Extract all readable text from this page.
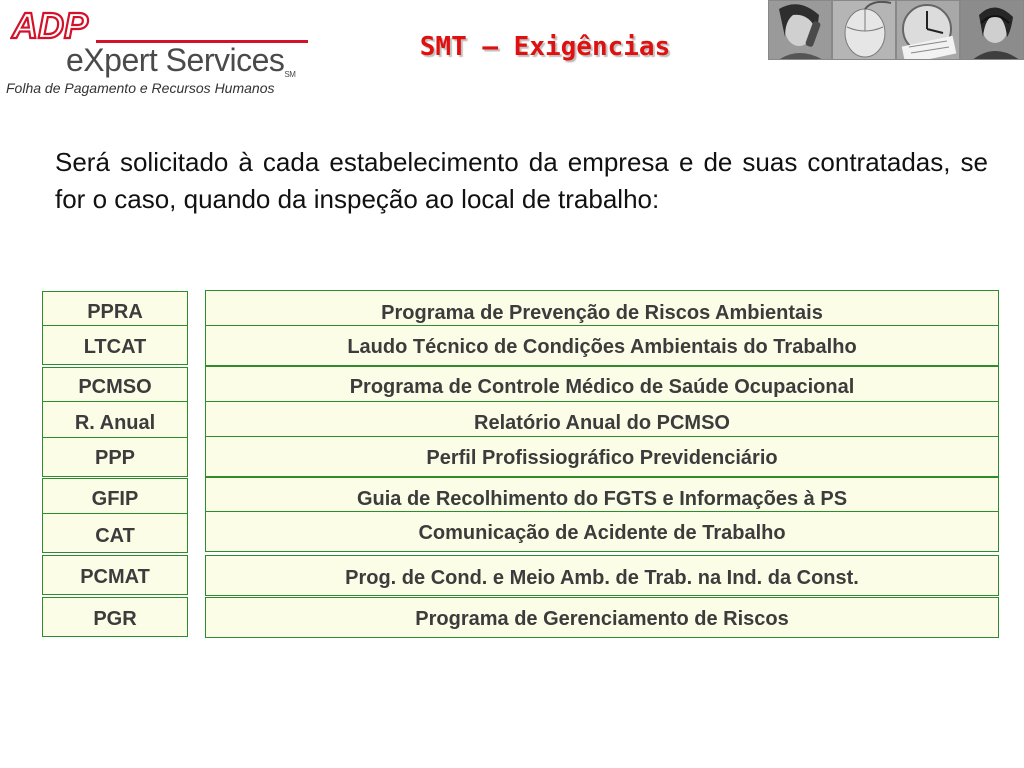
ADP
eXpert ServicesSM
Folha de Pagamento e Recursos Humanos
SMT – Exigências

Será solicitado à cada estabelecimento da empresa e de suas contratadas, se for o caso, quando da inspeção ao local de trabalho:

PPRA	Programa de Prevenção de Riscos Ambientais
LTCAT	Laudo Técnico de Condições Ambientais do Trabalho
PCMSO	Programa de Controle Médico de Saúde Ocupacional
R. Anual	Relatório Anual do PCMSO
PPP	Perfil Profissiográfico Previdenciário
GFIP	Guia de Recolhimento do FGTS e Informações à PS
CAT	Comunicação de Acidente de Trabalho
PCMAT	Prog. de Cond. e Meio Amb. de Trab. na Ind. da Const.
PGR	Programa de Gerenciamento de Riscos
